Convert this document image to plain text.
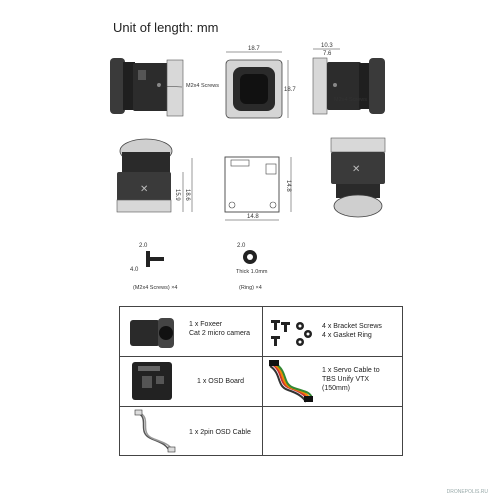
Unit of length: mm
M2x4 Screws
18.7
18.7
M2x4 Screws
10.3
7.6
✕	15.9 18.6
14.8
14.8
✕
2.0
4.0
(M2x4 Screws) ×4
2.0
Thick 1.0mm
(Ring) ×4
1 x Foxeer
Cat 2 micro camera
4 x Bracket Screws
4 x Gasket Ring
1 x OSD Board
1 x Servo Cable to
TBS Unify VTX
(150mm)
1 x 2pin OSD Cable
DRONEPOLIS.RU
